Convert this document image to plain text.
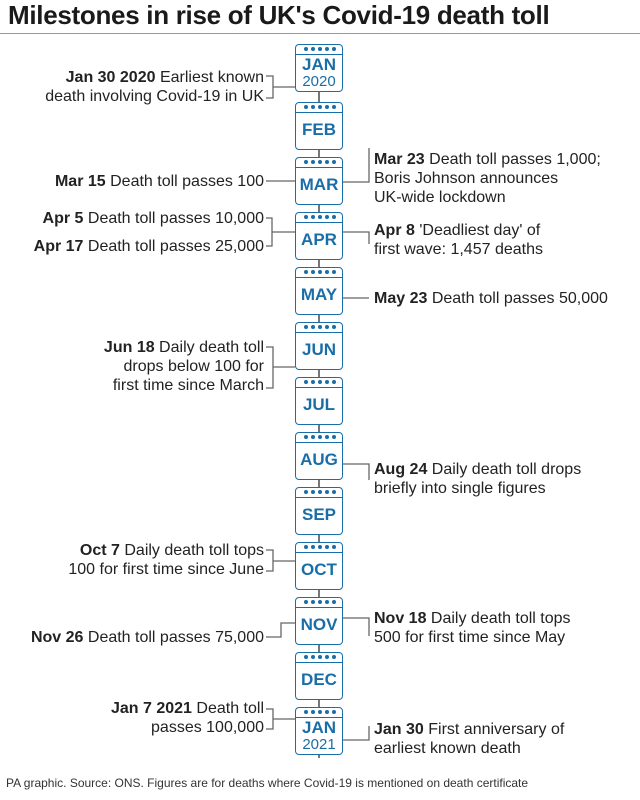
Milestones in rise of UK's Covid-19 death toll
JAN
2020
FEB
MAR
APR
MAY
JUN
JUL
AUG
SEP
OCT
NOV
DEC
JAN
2021
Jan 30 2020 Earliest known
death involving Covid-19 in UK
Mar 15 Death toll passes 100
Apr 5 Death toll passes 10,000
Apr 17 Death toll passes 25,000
Jun 18 Daily death toll
drops below 100 for
first time since March
Oct 7 Daily death toll tops
100 for first time since June
Nov 26 Death toll passes 75,000
Jan 7 2021 Death toll
passes 100,000
Mar 23 Death toll passes 1,000;
Boris Johnson announces
UK-wide lockdown
Apr 8 'Deadliest day' of
first wave: 1,457 deaths
May 23 Death toll passes 50,000
Aug 24 Daily death toll drops
briefly into single figures
Nov 18 Daily death toll tops
500 for first time since May
Jan 30 First anniversary of
earliest known death
PA graphic. Source: ONS. Figures are for deaths where Covid-19 is mentioned on death certificate
